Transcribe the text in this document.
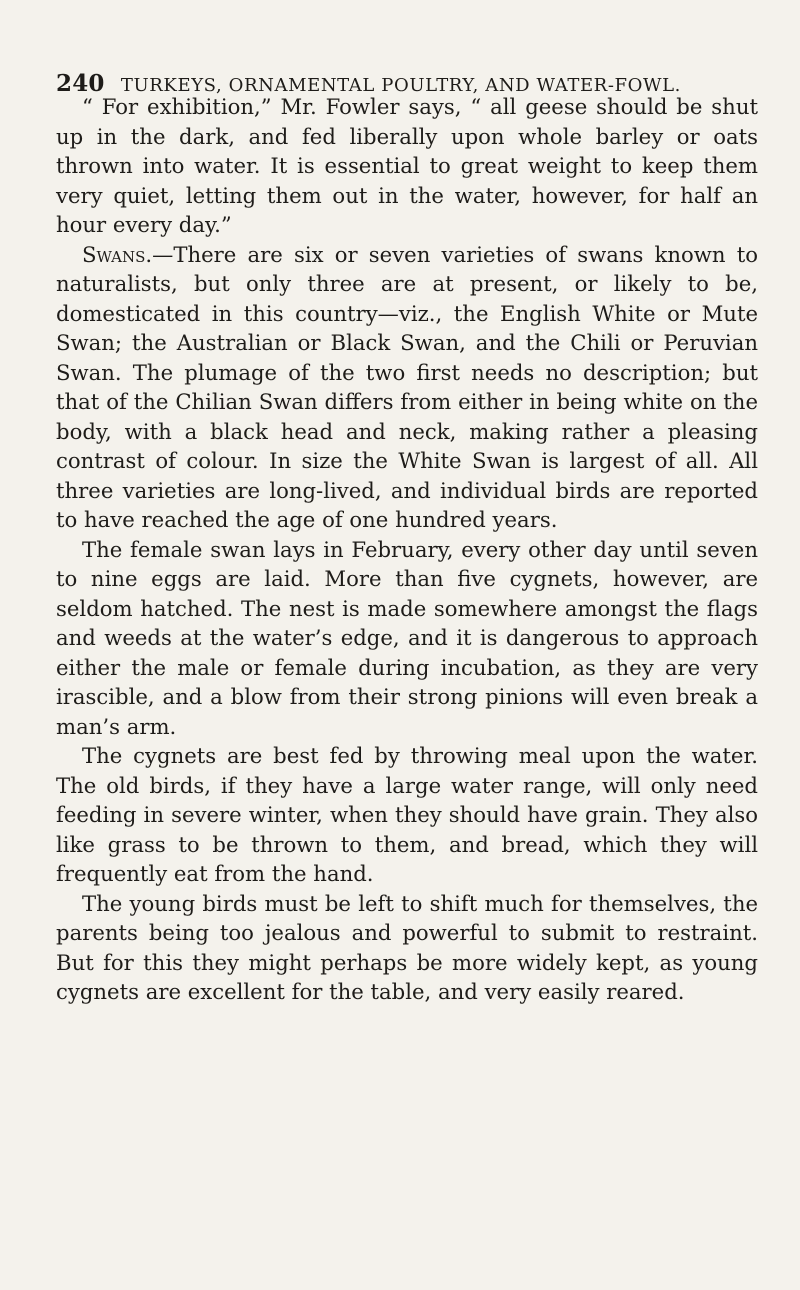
240 TURKEYS, ORNAMENTAL POULTRY, AND WATER-FOWL.

“ For exhibition,” Mr. Fowler says, “ all geese should be shut up in the dark, and fed liberally upon whole barley or oats thrown into water. It is essential to great weight to keep them very quiet, letting them out in the water, however, for half an hour every day.”

Swans.—There are six or seven varieties of swans known to naturalists, but only three are at present, or likely to be, domesticated in this country—viz., the English White or Mute Swan; the Australian or Black Swan, and the Chili or Peruvian Swan. The plumage of the two first needs no description; but that of the Chilian Swan differs from either in being white on the body, with a black head and neck, making rather a pleasing contrast of colour. In size the White Swan is largest of all. All three varieties are long-lived, and individual birds are reported to have reached the age of one hundred years.

The female swan lays in February, every other day until seven to nine eggs are laid. More than five cygnets, however, are seldom hatched. The nest is made somewhere amongst the flags and weeds at the water’s edge, and it is dangerous to approach either the male or female during incubation, as they are very irascible, and a blow from their strong pinions will even break a man’s arm.

The cygnets are best fed by throwing meal upon the water. The old birds, if they have a large water range, will only need feeding in severe winter, when they should have grain. They also like grass to be thrown to them, and bread, which they will frequently eat from the hand.

The young birds must be left to shift much for themselves, the parents being too jealous and powerful to submit to restraint. But for this they might perhaps be more widely kept, as young cygnets are excellent for the table, and very easily reared.
